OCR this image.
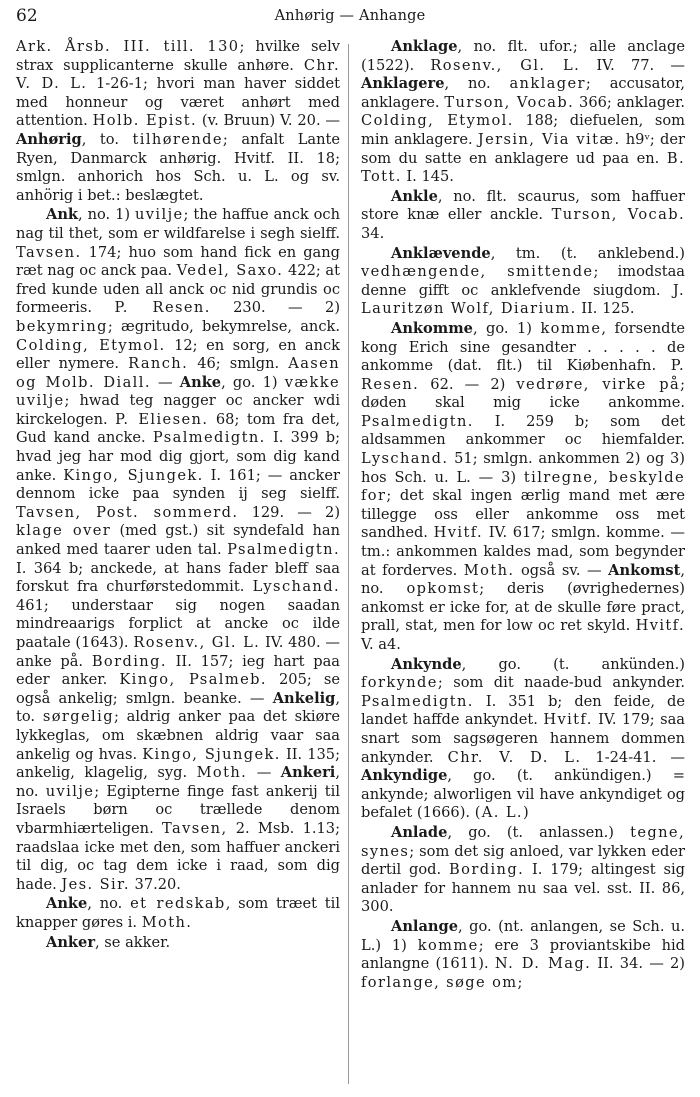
62	Anhørig — Anhange

Ark. Årsb. III. till. 130; hvilke selv strax supplicanterne skulle anhøre. Chr. V. D. L. 1-26-1; hvori man haver siddet med honneur og været anhørt med attention. Holb. Epist. (v. Bruun) V. 20. — Anhørig, to. tilhørende; anfalt Lante Ryen, Danmarck anhørig. Hvitf. II. 18; smlgn. anhorich hos Sch. u. L. og sv. anhörig i bet.: beslægtet.

Ank, no. 1) uvilje; the haffue anck och nag til thet, som er wildfarelse i segh sielff. Tavsen. 174; huo som hand fick en gang ræt nag oc anck paa. Vedel, Saxo. 422; at fred kunde uden all anck oc nid grundis oc formeeris. P. Resen. 230. — 2) bekymring; ægritudo, bekymrelse, anck. Colding, Etymol. 12; en sorg, en anck eller nymere. Ranch. 46; smlgn. Aasen og Molb. Diall. — Anke, go. 1) vække uvilje; hwad teg nagger oc ancker wdi kirckelogen. P. Eliesen. 68; tom fra det, Gud kand ancke. Psalmedigtn. I. 399 b; hvad jeg har mod dig gjort, som dig kand anke. Kingo, Sjungek. I. 161; — ancker dennom icke paa synden ij seg sielff. Tavsen, Post. sommerd. 129. — 2) klage over (med gst.) sit syndefald han anked med taarer uden tal. Psalmedigtn. I. 364 b; anckede, at hans fader bleff saa forskut fra churførstedommit. Lyschand. 461; understaar sig nogen saadan mindreaarigs forplict at ancke oc ilde paatale (1643). Rosenv., Gl. L. IV. 480. — anke på. Bording. II. 157; ieg hart paa eder anker. Kingo, Psalmeb. 205; se også ankelig; smlgn. beanke. — Ankelig, to. sørgelig; aldrig anker paa det skiøre lykkeglas, om skæbnen aldrig vaar saa ankelig og hvas. Kingo, Sjungek. II. 135; ankelig, klagelig, syg. Moth. — Ankeri, no. uvilje; Egipterne finge fast ankerij til Israels børn oc trællede denom vbarmhiærteligen. Tavsen, 2. Msb. 1.13; raadslaa icke met den, som haffuer anckeri til dig, oc tag dem icke i raad, som dig hade. Jes. Sir. 37.20.

Anke, no. et redskab, som træet til knapper gøres i. Moth.

Anker, se akker.

Anklage, no. flt. ufor.; alle anclage (1522). Rosenv., Gl. L. IV. 77. — Anklagere, no. anklager; accusator, anklagere. Turson, Vocab. 366; anklager. Colding, Etymol. 188; diefuelen, som min anklagere. Jersin, Via vitæ. h9ᵛ; der som du satte en anklagere ud paa en. B. Tott. I. 145.

Ankle, no. flt. scaurus, som haffuer store knæ eller anckle. Turson, Vocab. 34.

Anklævende, tm. (t. anklebend.) vedhængende, smittende; imodstaa denne gifft oc anklefvende siugdom. J. Lauritzøn Wolf, Diarium. II. 125.

Ankomme, go. 1) komme, forsendte kong Erich sine gesandter . . . . . de ankomme (dat. flt.) til Kiøbenhafn. P. Resen. 62. — 2) vedrøre, virke på; døden skal mig icke ankomme. Psalmedigtn. I. 259 b; som det aldsammen ankommer oc hiemfalder. Lyschand. 51; smlgn. ankommen 2) og 3) hos Sch. u. L. — 3) tilregne, beskylde for; det skal ingen ærlig mand met ære tillegge oss eller ankomme oss met sandhed. Hvitf. IV. 617; smlgn. komme. — tm.: ankommen kaldes mad, som begynder at forderves. Moth. også sv. — Ankomst, no. opkomst; deris (øvrighedernes) ankomst er icke for, at de skulle føre pract, prall, stat, men for low oc ret skyld. Hvitf. V. a4.

Ankynde, go. (t. ankünden.) forkynde; som dit naade-bud ankynder. Psalmedigtn. I. 351 b; den feide, de landet haffde ankyndet. Hvitf. IV. 179; saa snart som sagsøgeren hannem dommen ankynder. Chr. V. D. L. 1-24-41. — Ankyndige, go. (t. ankündigen.) = ankynde; alworligen vil have ankyndiget og befalet (1666). (A. L.)

Anlade, go. (t. anlassen.) tegne, synes; som det sig anloed, var lykken eder dertil god. Bording. I. 179; altingest sig anlader for hannem nu saa vel. sst. II. 86, 300.

Anlange, go. (nt. anlangen, se Sch. u. L.) 1) komme; ere 3 proviantskibe hid anlangne (1611). N. D. Mag. II. 34. — 2) forlange, søge om;
